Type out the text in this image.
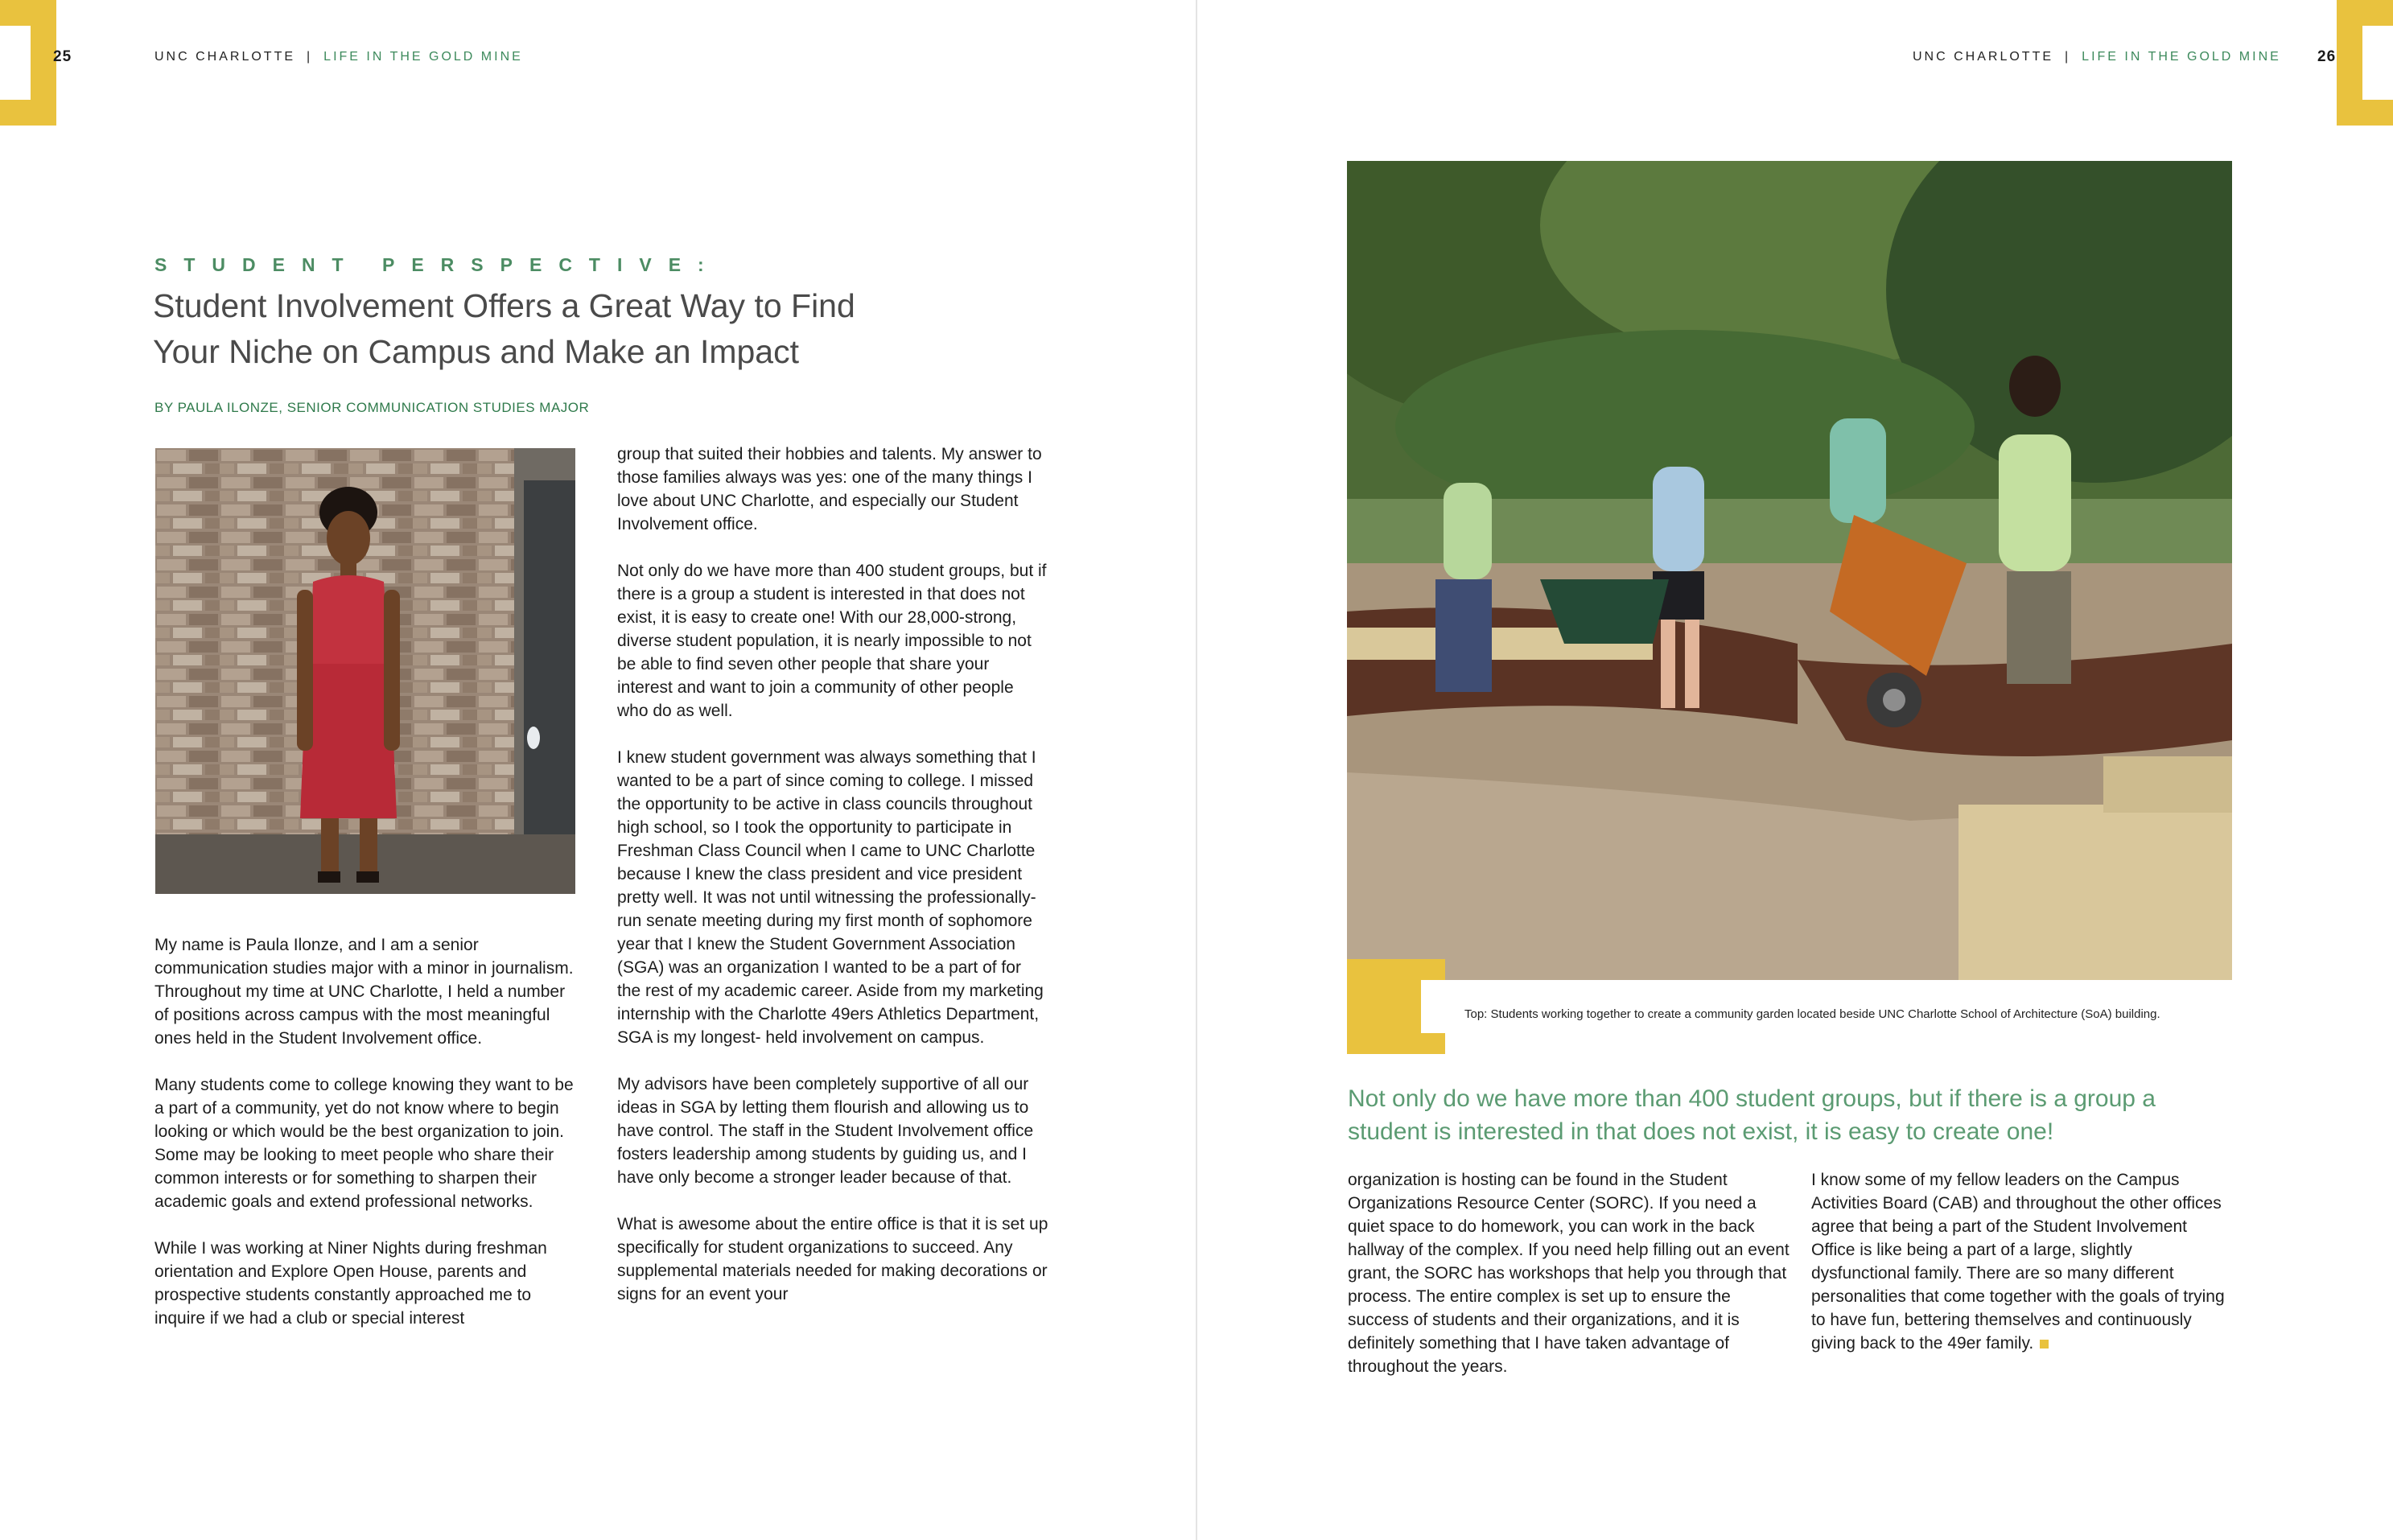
25	26
UNC CHARLOTTE | LIFE IN THE GOLD MINE	UNC CHARLOTTE | LIFE IN THE GOLD MINE
STUDENT PERSPECTIVE:
Student Involvement Offers a Great Way to Find Your Niche on Campus and Make an Impact
BY PAULA ILONZE, SENIOR COMMUNICATION STUDIES MAJOR

My name is Paula Ilonze, and I am a senior communication studies major with a minor in journalism. Throughout my time at UNC Charlotte, I held a number of positions across campus with the most meaningful ones held in the Student Involvement office.

Many students come to college knowing they want to be a part of a community, yet do not know where to begin looking or which would be the best organization to join. Some may be looking to meet people who share their common interests or for something to sharpen their academic goals and extend professional networks.

While I was working at Niner Nights during freshman orientation and Explore Open House, parents and prospective students constantly approached me to inquire if we had a club or special interest

group that suited their hobbies and talents. My answer to those families always was yes: one of the many things I love about UNC Charlotte, and especially our Student Involvement office.

Not only do we have more than 400 student groups, but if there is a group a student is interested in that does not exist, it is easy to create one! With our 28,000-strong, diverse student population, it is nearly impossible to not be able to find seven other people that share your interest and want to join a community of other people who do as well.

I knew student government was always something that I wanted to be a part of since coming to college. I missed the opportunity to be active in class councils throughout high school, so I took the opportunity to participate in Freshman Class Council when I came to UNC Charlotte because I knew the class president and vice president pretty well. It was not until witnessing the professionally-run senate meeting during my first month of sophomore year that I knew the Student Government Association (SGA) was an organization I wanted to be a part of for the rest of my academic career. Aside from my marketing internship with the Charlotte 49ers Athletics Department, SGA is my longest- held involvement on campus.

My advisors have been completely supportive of all our ideas in SGA by letting them flourish and allowing us to have control. The staff in the Student Involvement office fosters leadership among students by guiding us, and I have only become a stronger leader because of that.

What is awesome about the entire office is that it is set up specifically for student organizations to succeed. Any supplemental materials needed for making decorations or signs for an event your

Top: Students working together to create a community garden located beside UNC Charlotte School of Architecture (SoA) building.
Not only do we have more than 400 student groups, but if there is a group a student is interested in that does not exist, it is easy to create one!

organization is hosting can be found in the Student Organizations Resource Center (SORC). If you need a quiet space to do homework, you can work in the back hallway of the complex. If you need help filling out an event grant, the SORC has workshops that help you through that process. The entire complex is set up to ensure the success of students and their organizations, and it is definitely something that I have taken advantage of throughout the years.

I know some of my fellow leaders on the Campus Activities Board (CAB) and throughout the other offices agree that being a part of the Student Involvement Office is like being a part of a large, slightly dysfunctional family. There are so many different personalities that come together with the goals of trying to have fun, bettering themselves and continuously giving back to the 49er family.
